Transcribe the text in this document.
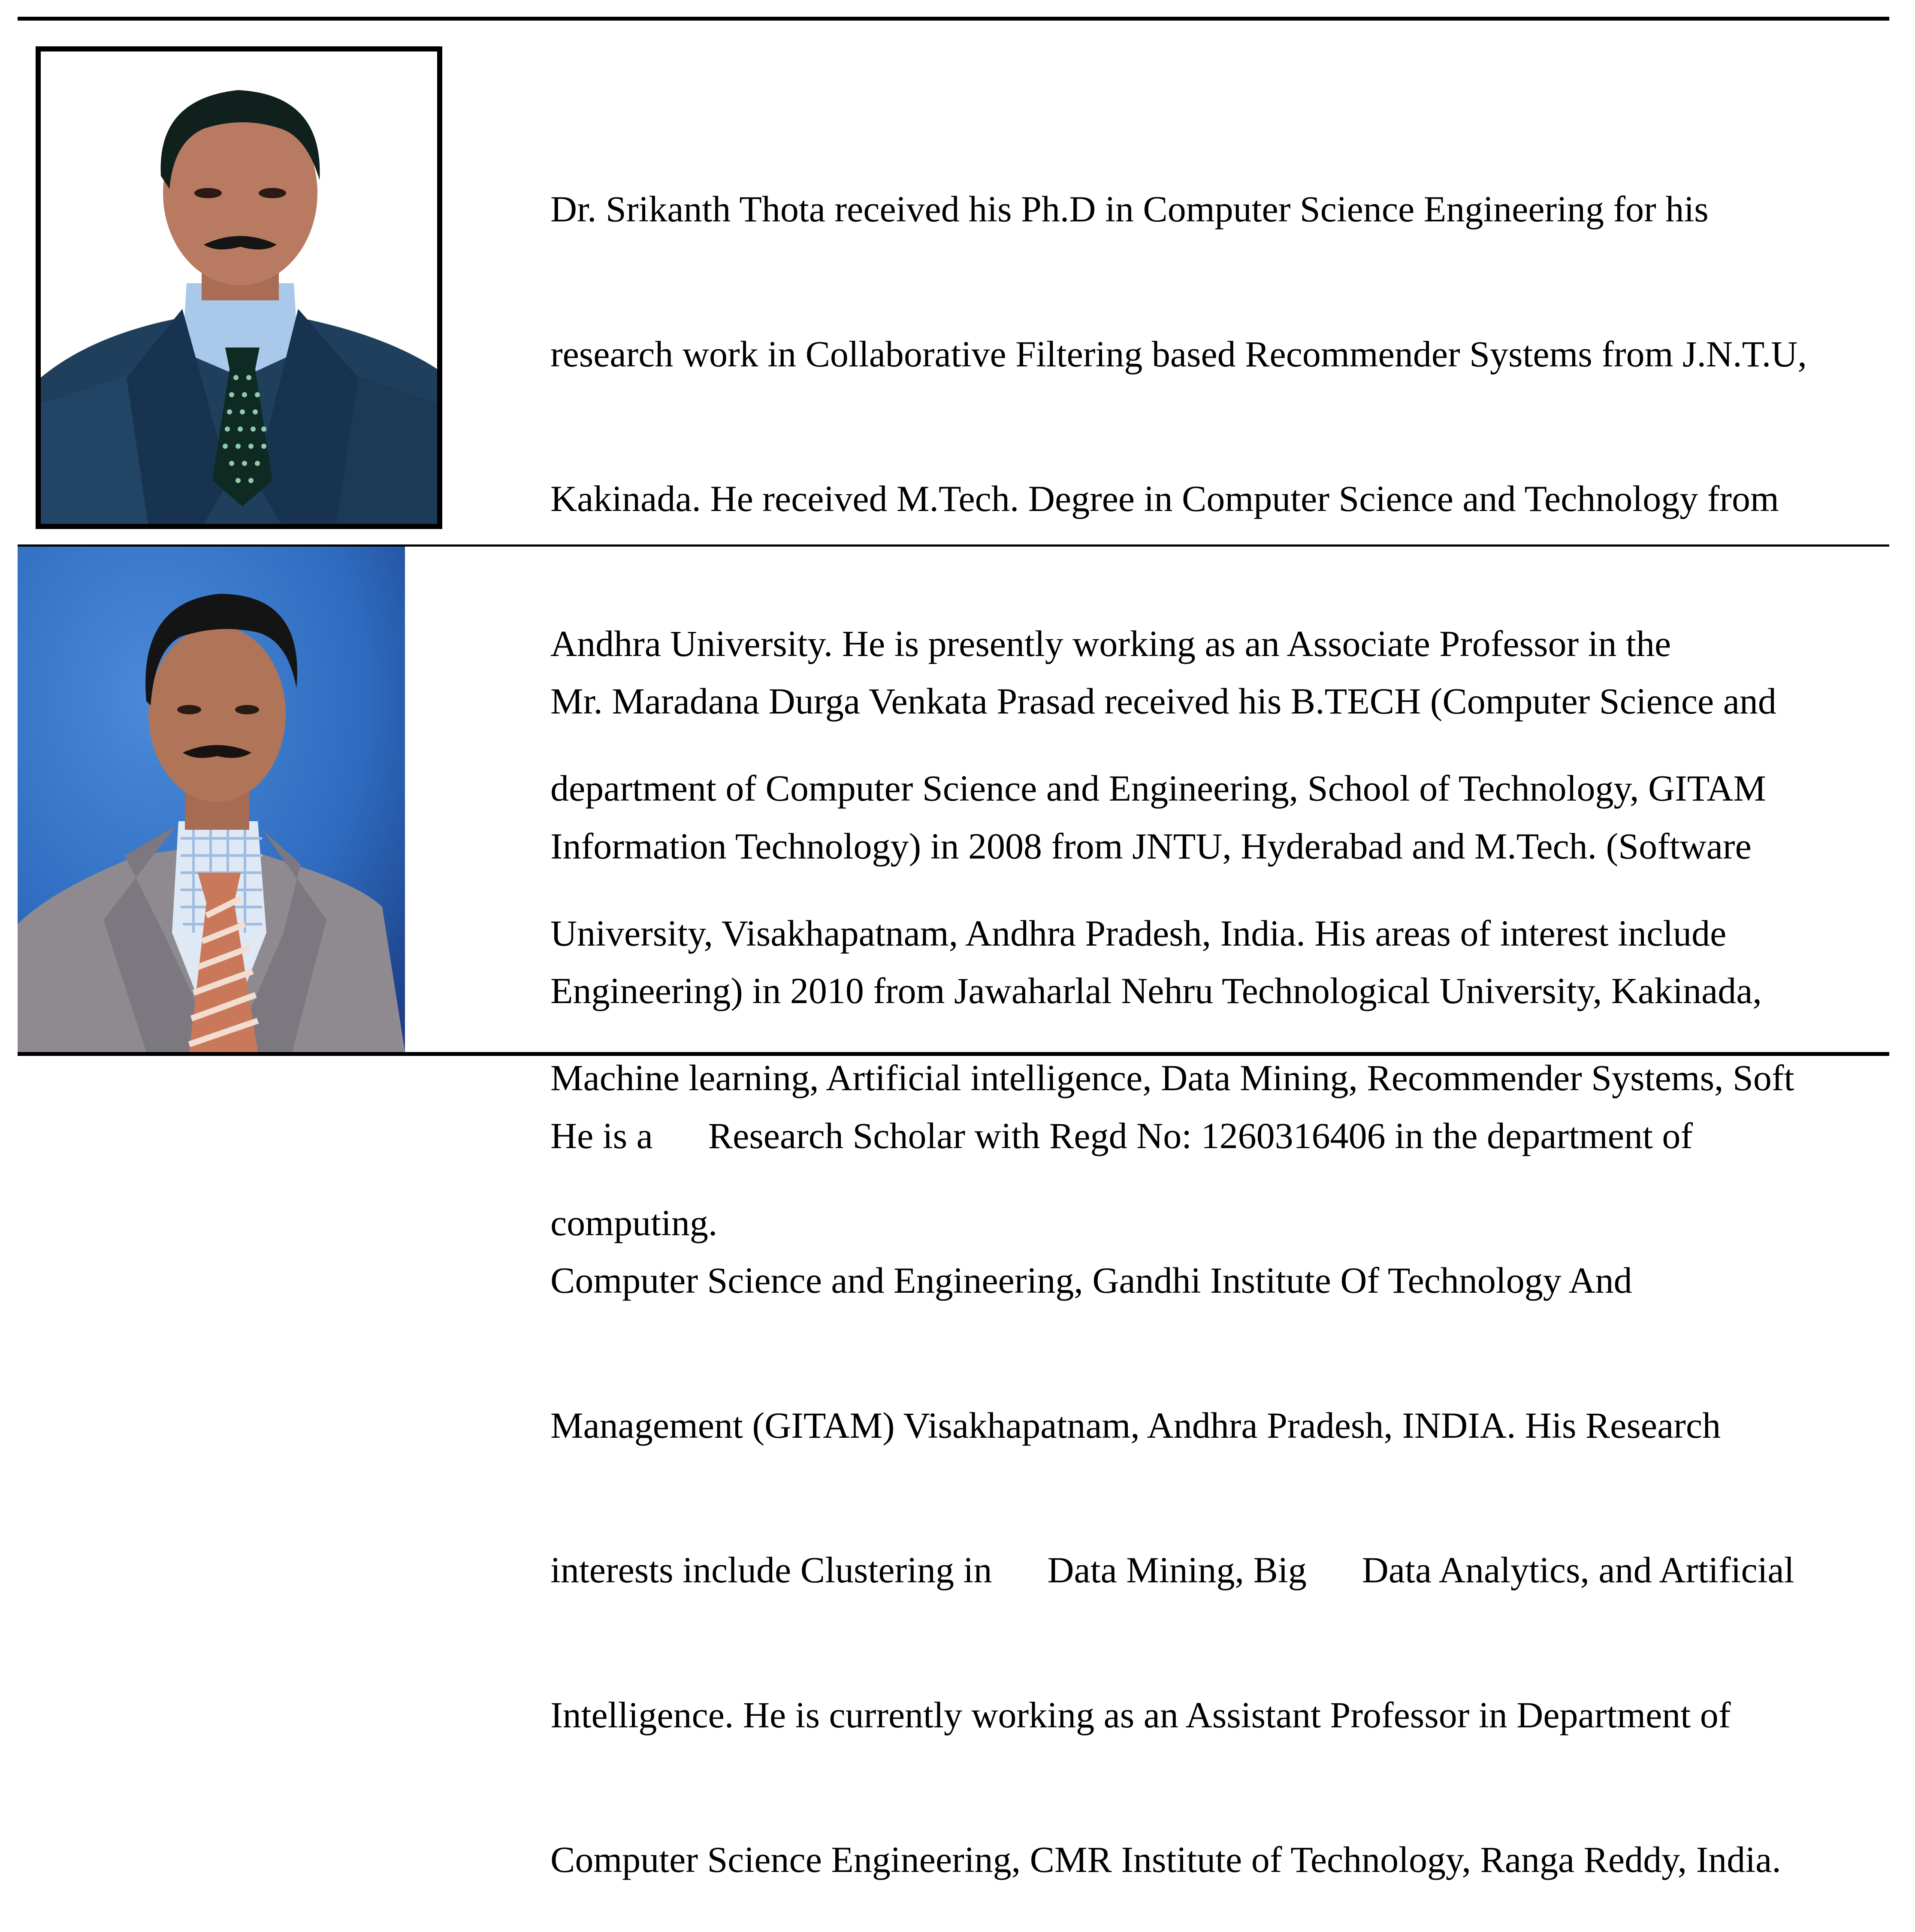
Dr. Srikanth Thota received his Ph.D in Computer Science Engineering for his

research work in Collaborative Filtering based Recommender Systems from J.N.T.U,

Kakinada. He received M.Tech. Degree in Computer Science and Technology from

Andhra University. He is presently working as an Associate Professor in the

department of Computer Science and Engineering, School of Technology, GITAM

University, Visakhapatnam, Andhra Pradesh, India. His areas of interest include

Machine learning, Artificial intelligence, Data Mining, Recommender Systems, Soft

computing.

Mr. Maradana Durga Venkata Prasad received his B.TECH (Computer Science and

Information Technology) in 2008 from JNTU, Hyderabad and M.Tech. (Software

Engineering) in 2010 from Jawaharlal Nehru Technological University, Kakinada,

He is a      Research Scholar with Regd No: 1260316406 in the department of

Computer Science and Engineering, Gandhi Institute Of Technology And

Management (GITAM) Visakhapatnam, Andhra Pradesh, INDIA. His Research

interests include Clustering in      Data Mining, Big      Data Analytics, and Artificial

Intelligence. He is currently working as an Assistant Professor in Department of

Computer Science Engineering, CMR Institute of Technology, Ranga Reddy, India.
